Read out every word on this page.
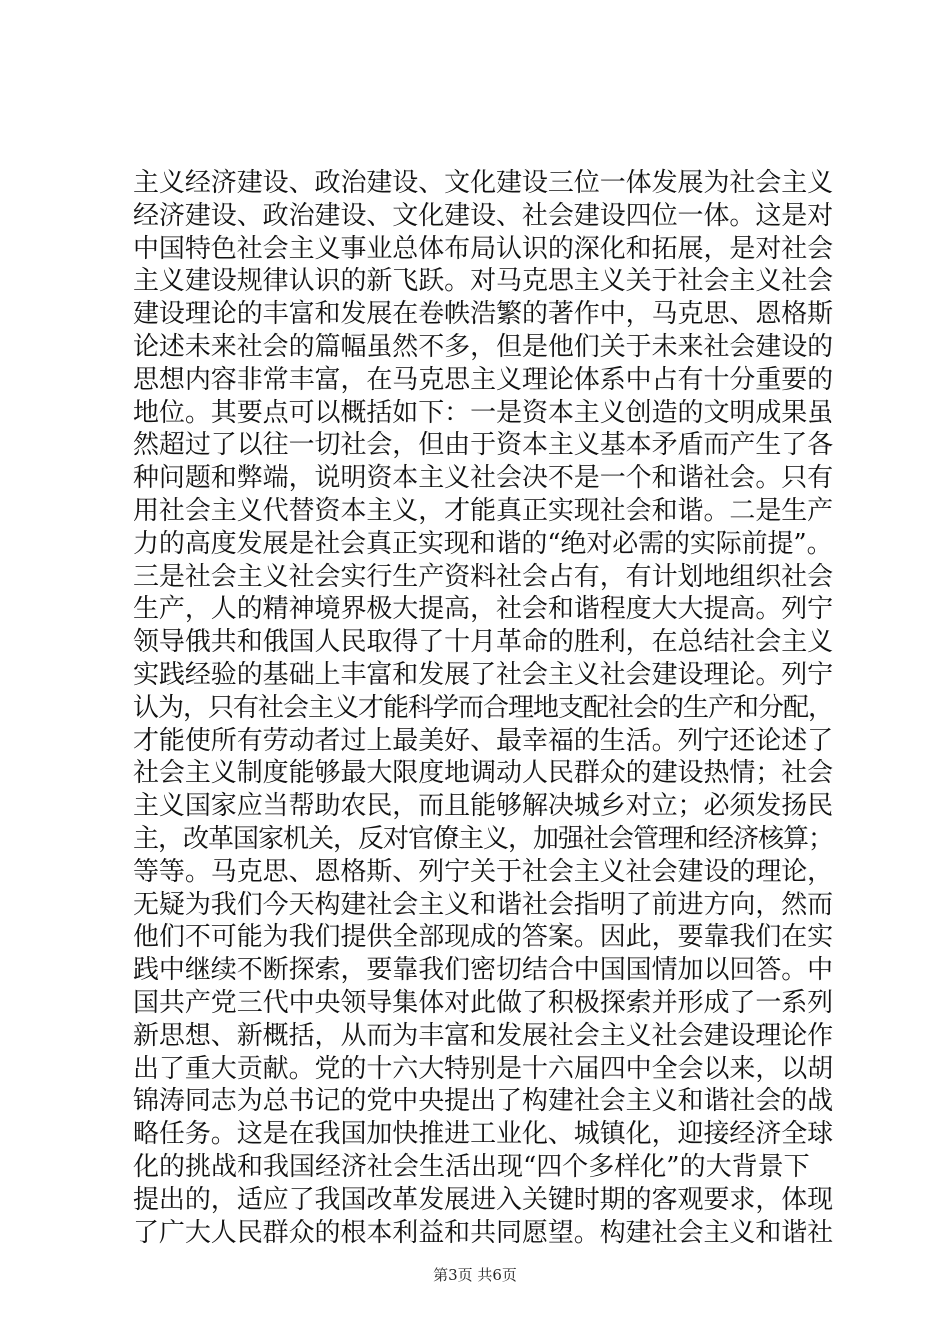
主义经济建设、政治建设、文化建设三位一体发展为社会主义
经济建设、政治建设、文化建设、社会建设四位一体。这是对
中国特色社会主义事业总体布局认识的深化和拓展，是对社会
主义建设规律认识的新飞跃。对马克思主义关于社会主义社会
建设理论的丰富和发展在卷帙浩繁的著作中，马克思、恩格斯
论述未来社会的篇幅虽然不多，但是他们关于未来社会建设的
思想内容非常丰富，在马克思主义理论体系中占有十分重要的
地位。其要点可以概括如下：一是资本主义创造的文明成果虽
然超过了以往一切社会，但由于资本主义基本矛盾而产生了各
种问题和弊端，说明资本主义社会决不是一个和谐社会。只有
用社会主义代替资本主义，才能真正实现社会和谐。二是生产
力的高度发展是社会真正实现和谐的“绝对必需的实际前提”。
三是社会主义社会实行生产资料社会占有，有计划地组织社会
生产，人的精神境界极大提高，社会和谐程度大大提高。列宁
领导俄共和俄国人民取得了十月革命的胜利，在总结社会主义
实践经验的基础上丰富和发展了社会主义社会建设理论。列宁
认为，只有社会主义才能科学而合理地支配社会的生产和分配，
才能使所有劳动者过上最美好、最幸福的生活。列宁还论述了
社会主义制度能够最大限度地调动人民群众的建设热情；社会
主义国家应当帮助农民，而且能够解决城乡对立；必须发扬民
主，改革国家机关，反对官僚主义，加强社会管理和经济核算；
等等。马克思、恩格斯、列宁关于社会主义社会建设的理论，
无疑为我们今天构建社会主义和谐社会指明了前进方向，然而
他们不可能为我们提供全部现成的答案。因此，要靠我们在实
践中继续不断探索，要靠我们密切结合中国国情加以回答。中
国共产党三代中央领导集体对此做了积极探索并形成了一系列
新思想、新概括，从而为丰富和发展社会主义社会建设理论作
出了重大贡献。党的十六大特别是十六届四中全会以来，以胡
锦涛同志为总书记的党中央提出了构建社会主义和谐社会的战
略任务。这是在我国加快推进工业化、城镇化，迎接经济全球
化的挑战和我国经济社会生活出现“四个多样化”的大背景下
提出的，适应了我国改革发展进入关键时期的客观要求，体现
了广大人民群众的根本利益和共同愿望。构建社会主义和谐社
第3页 共6页
